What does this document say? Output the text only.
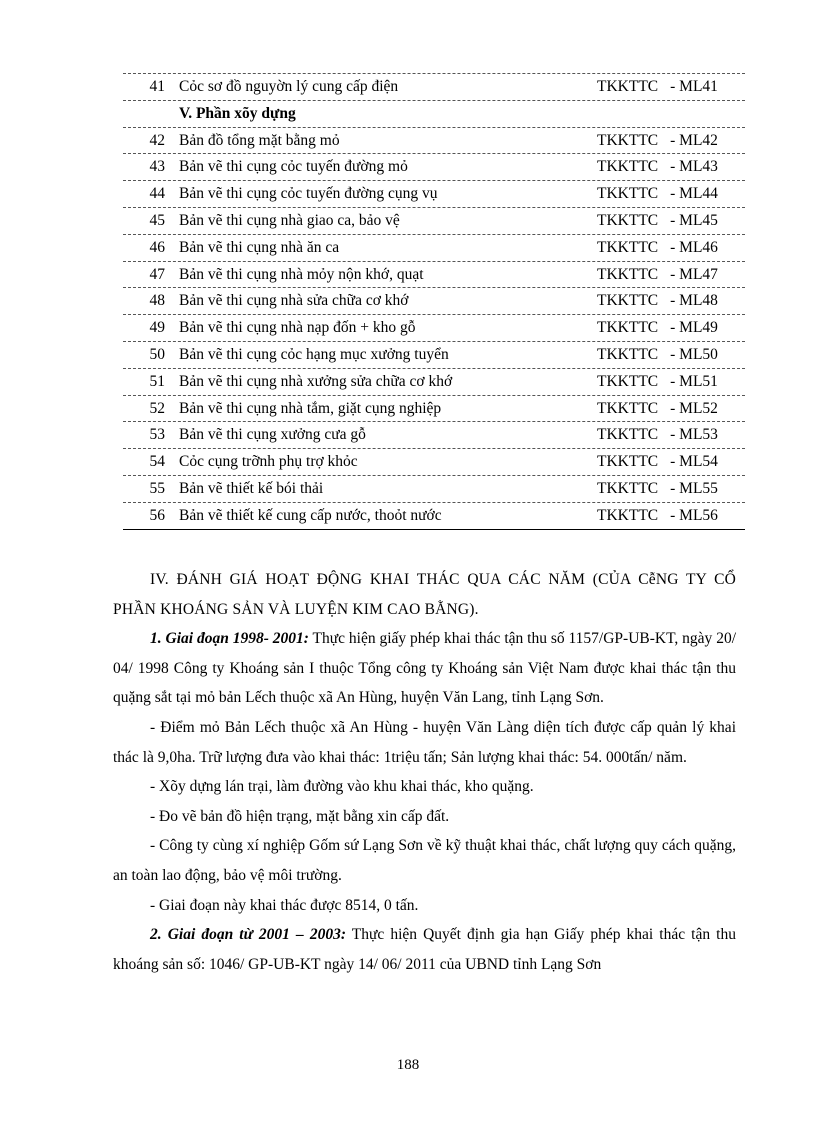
41 Cỏc sơ đồ nguyờn lý cung cấp điện	TKKTTC - ML41
V. Phần xõy dựng
42 Bản đồ tổng mặt bằng mỏ	TKKTTC - ML42
43 Bản vẽ thi cụng cỏc tuyến đường mỏ	TKKTTC - ML43
44 Bản vẽ thi cụng cỏc tuyến đường cụng vụ	TKKTTC - ML44
45 Bản vẽ thi cụng nhà giao ca, bảo vệ	TKKTTC - ML45
46 Bản vẽ thi cụng nhà ăn ca	TKKTTC - ML46
47 Bản vẽ thi cụng nhà mỏy nộn khớ, quạt	TKKTTC - ML47
48 Bản vẽ thi cụng nhà sửa chữa cơ khớ	TKKTTC - ML48
49 Bản vẽ thi cụng nhà nạp đốn + kho gỗ	TKKTTC - ML49
50 Bản vẽ thi cụng cỏc hạng mục xưởng tuyển	TKKTTC - ML50
51 Bản vẽ thi cụng nhà xưởng sửa chữa cơ khớ	TKKTTC - ML51
52 Bản vẽ thi cụng nhà tắm, giặt cụng nghiệp	TKKTTC - ML52
53 Bản vẽ thi cụng xưởng cưa gỗ	TKKTTC - ML53
54 Cỏc cụng trỡnh phụ trợ khỏc	TKKTTC - ML54
55 Bản vẽ thiết kế bói thải	TKKTTC - ML55
56 Bản vẽ thiết kế cung cấp nước, thoỏt nước	TKKTTC - ML56

IV. ĐÁNH GIÁ HOẠT ĐỘNG KHAI THÁC QUA CÁC NĂM (CỦA CễNG TY CỔ PHẦN KHOÁNG SẢN VÀ LUYỆN KIM CAO BẰNG).

1. Giai đoạn 1998- 2001: Thực hiện giấy phép khai thác tận thu số 1157/GP-UB-KT, ngày 20/ 04/ 1998 Công ty Khoáng sản I thuộc Tổng công ty Khoáng sản Việt Nam được khai thác tận thu quặng sắt tại mỏ bản Lếch thuộc xã An Hùng, huyện Văn Lang, tỉnh Lạng Sơn.

- Điểm mỏ Bản Lếch thuộc xã An Hùng - huyện Văn Làng diện tích được cấp quản lý khai thác là 9,0ha. Trữ lượng đưa vào khai thác: 1triệu tấn; Sản lượng khai thác: 54. 000tấn/ năm.

- Xõy dựng lán trại, làm đường vào khu khai thác, kho quặng.

- Đo vẽ bản đồ hiện trạng, mặt bằng xin cấp đất.

- Công ty cùng xí nghiệp Gốm sứ Lạng Sơn về kỹ thuật khai thác, chất lượng quy cách quặng, an toàn lao động, bảo vệ môi trường.

- Giai đoạn này khai thác được 8514, 0 tấn.

2. Giai đoạn từ 2001 – 2003: Thực hiện Quyết định gia hạn Giấy phép khai thác tận thu khoáng sản số: 1046/ GP-UB-KT ngày 14/ 06/ 2011 của UBND tỉnh Lạng Sơn

188
